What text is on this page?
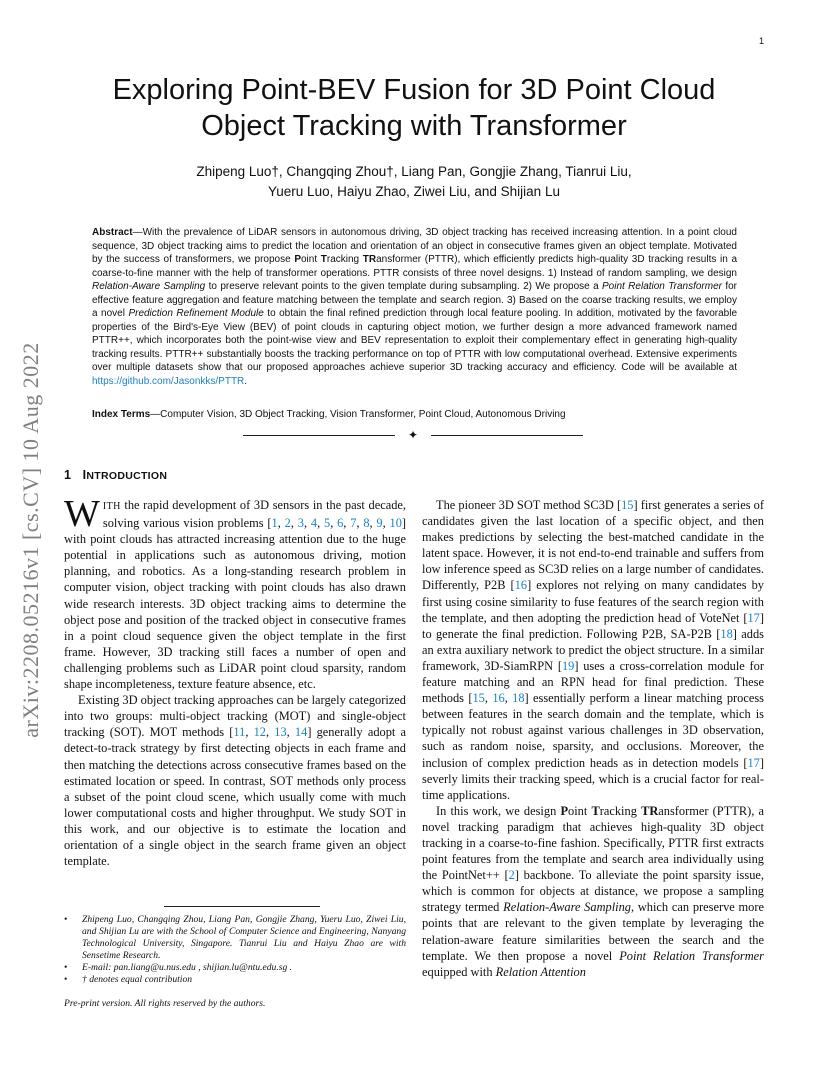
1
arXiv:2208.05216v1 [cs.CV] 10 Aug 2022
Exploring Point-BEV Fusion for 3D Point Cloud
Object Tracking with Transformer
Zhipeng Luo†, Changqing Zhou†, Liang Pan, Gongjie Zhang, Tianrui Liu,
Yueru Luo, Haiyu Zhao, Ziwei Liu, and Shijian Lu
Abstract—With the prevalence of LiDAR sensors in autonomous driving, 3D object tracking has received increasing attention. In a point cloud sequence, 3D object tracking aims to predict the location and orientation of an object in consecutive frames given an object template. Motivated by the success of transformers, we propose Point Tracking TRansformer (PTTR), which efficiently predicts high-quality 3D tracking results in a coarse-to-fine manner with the help of transformer operations. PTTR consists of three novel designs. 1) Instead of random sampling, we design Relation-Aware Sampling to preserve relevant points to the given template during subsampling. 2) We propose a Point Relation Transformer for effective feature aggregation and feature matching between the template and search region. 3) Based on the coarse tracking results, we employ a novel Prediction Refinement Module to obtain the final refined prediction through local feature pooling. In addition, motivated by the favorable properties of the Bird's-Eye View (BEV) of point clouds in capturing object motion, we further design a more advanced framework named PTTR++, which incorporates both the point-wise view and BEV representation to exploit their complementary effect in generating high-quality tracking results. PTTR++ substantially boosts the tracking performance on top of PTTR with low computational overhead. Extensive experiments over multiple datasets show that our proposed approaches achieve superior 3D tracking accuracy and efficiency. Code will be available at https://github.com/Jasonkks/PTTR.
Index Terms—Computer Vision, 3D Object Tracking, Vision Transformer, Point Cloud, Autonomous Driving
✦
1 INTRODUCTION

WITH the rapid development of 3D sensors in the past decade, solving various vision problems [1, 2, 3, 4, 5, 6, 7, 8, 9, 10] with point clouds has attracted increasing attention due to the huge potential in applications such as autonomous driving, motion planning, and robotics. As a long-standing research problem in computer vision, object tracking with point clouds has also drawn wide research interests. 3D object tracking aims to determine the object pose and position of the tracked object in consecutive frames in a point cloud sequence given the object template in the first frame. However, 3D tracking still faces a number of open and challenging problems such as LiDAR point cloud sparsity, random shape incompleteness, texture feature absence, etc.

Existing 3D object tracking approaches can be largely categorized into two groups: multi-object tracking (MOT) and single-object tracking (SOT). MOT methods [11, 12, 13, 14] generally adopt a detect-to-track strategy by first detecting objects in each frame and then matching the detections across consecutive frames based on the estimated location or speed. In contrast, SOT methods only process a subset of the point cloud scene, which usually come with much lower computational costs and higher throughput. We study SOT in this work, and our objective is to estimate the location and orientation of a single object in the search frame given an object template.

The pioneer 3D SOT method SC3D [15] first generates a series of candidates given the last location of a specific object, and then makes predictions by selecting the best-matched candidate in the latent space. However, it is not end-to-end trainable and suffers from low inference speed as SC3D relies on a large number of candidates. Differently, P2B [16] explores not relying on many candidates by first using cosine similarity to fuse features of the search region with the template, and then adopting the prediction head of VoteNet [17] to generate the final prediction. Following P2B, SA-P2B [18] adds an extra auxiliary network to predict the object structure. In a similar framework, 3D-SiamRPN [19] uses a cross-correlation module for feature matching and an RPN head for final prediction. These methods [15, 16, 18] essentially perform a linear matching process between features in the search domain and the template, which is typically not robust against various challenges in 3D observation, such as random noise, sparsity, and occlusions. Moreover, the inclusion of complex prediction heads as in detection models [17] severly limits their tracking speed, which is a crucial factor for real-time applications.

In this work, we design Point Tracking TRansformer (PTTR), a novel tracking paradigm that achieves high-quality 3D object tracking in a coarse-to-fine fashion. Specifically, PTTR first extracts point features from the template and search area individually using the PointNet++ [2] backbone. To alleviate the point sparsity issue, which is common for objects at distance, we propose a sampling strategy termed Relation-Aware Sampling, which can preserve more points that are relevant to the given template by leveraging the relation-aware feature similarities between the search and the template. We then propose a novel Point Relation Transformer equipped with Relation Attention

• Zhipeng Luo, Changqing Zhou, Liang Pan, Gongjie Zhang, Yueru Luo, Ziwei Liu, and Shijian Lu are with the School of Computer Science and Engineering, Nanyang Technological University, Singapore. Tianrui Liu and Haiyu Zhao are with Sensetime Research.
• E-mail: pan.liang@u.nus.edu , shijian.lu@ntu.edu.sg .
• † denotes equal contribution
Pre-print version. All rights reserved by the authors.
